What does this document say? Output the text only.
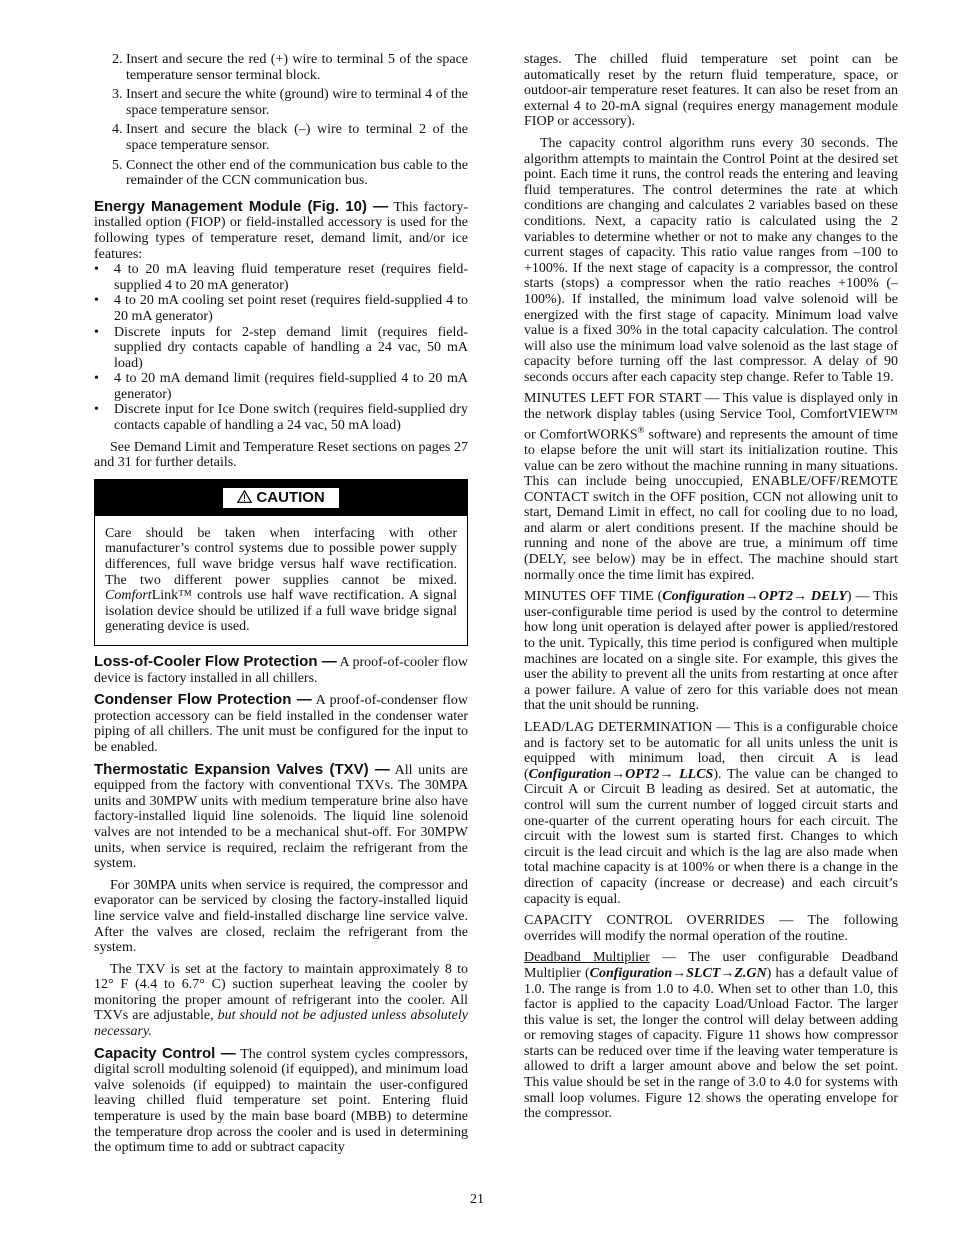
2. Insert and secure the red (+) wire to terminal 5 of the space temperature sensor terminal block.
3. Insert and secure the white (ground) wire to terminal 4 of the space temperature sensor.
4. Insert and secure the black (–) wire to terminal 2 of the space temperature sensor.
5. Connect the other end of the communication bus cable to the remainder of the CCN communication bus.

Energy Management Module (Fig. 10) — This factory-installed option (FIOP) or field-installed accessory is used for the following types of temperature reset, demand limit, and/or ice features:

• 4 to 20 mA leaving fluid temperature reset (requires field-supplied 4 to 20 mA generator)
• 4 to 20 mA cooling set point reset (requires field-supplied 4 to 20 mA generator)
• Discrete inputs for 2-step demand limit (requires field-supplied dry contacts capable of handling a 24 vac, 50 mA load)
• 4 to 20 mA demand limit (requires field-supplied 4 to 20 mA generator)
• Discrete input for Ice Done switch (requires field-supplied dry contacts capable of handling a 24 vac, 50 mA load)

See Demand Limit and Temperature Reset sections on pages 27 and 31 for further details.

CAUTION
Care should be taken when interfacing with other manufacturer’s control systems due to possible power supply differences, full wave bridge versus half wave rectification. The two different power supplies cannot be mixed. ComfortLink™ controls use half wave rectification. A signal isolation device should be utilized if a full wave bridge signal generating device is used.

Loss-of-Cooler Flow Protection — A proof-of-cooler flow device is factory installed in all chillers.

Condenser Flow Protection — A proof-of-condenser flow protection accessory can be field installed in the condenser water piping of all chillers. The unit must be configured for the input to be enabled.

Thermostatic Expansion Valves (TXV) — All units are equipped from the factory with conventional TXVs. The 30MPA units and 30MPW units with medium temperature brine also have factory-installed liquid line solenoids. The liquid line solenoid valves are not intended to be a mechanical shut-off. For 30MPW units, when service is required, reclaim the refrigerant from the system.

For 30MPA units when service is required, the compressor and evaporator can be serviced by closing the factory-installed liquid line service valve and field-installed discharge line service valve. After the valves are closed, reclaim the refrigerant from the system.

The TXV is set at the factory to maintain approximately 8 to 12° F (4.4 to 6.7° C) suction superheat leaving the cooler by monitoring the proper amount of refrigerant into the cooler. All TXVs are adjustable, but should not be adjusted unless absolutely necessary.

Capacity Control — The control system cycles compressors, digital scroll modulting solenoid (if equipped), and minimum load valve solenoids (if equipped) to maintain the user-configured leaving chilled fluid temperature set point. Entering fluid temperature is used by the main base board (MBB) to determine the temperature drop across the cooler and is used in determining the optimum time to add or subtract capacity

stages. The chilled fluid temperature set point can be automatically reset by the return fluid temperature, space, or outdoor-air temperature reset features. It can also be reset from an external 4 to 20-mA signal (requires energy management module FIOP or accessory).

The capacity control algorithm runs every 30 seconds. The algorithm attempts to maintain the Control Point at the desired set point. Each time it runs, the control reads the entering and leaving fluid temperatures. The control determines the rate at which conditions are changing and calculates 2 variables based on these conditions. Next, a capacity ratio is calculated using the 2 variables to determine whether or not to make any changes to the current stages of capacity. This ratio value ranges from –100 to +100%. If the next stage of capacity is a compressor, the control starts (stops) a compressor when the ratio reaches +100% (–100%). If installed, the minimum load valve solenoid will be energized with the first stage of capacity. Minimum load valve value is a fixed 30% in the total capacity calculation. The control will also use the minimum load valve solenoid as the last stage of capacity before turning off the last compressor. A delay of 90 seconds occurs after each capacity step change. Refer to Table 19.

MINUTES LEFT FOR START — This value is displayed only in the network display tables (using Service Tool, ComfortVIEW™ or ComfortWORKS® software) and represents the amount of time to elapse before the unit will start its initialization routine. This value can be zero without the machine running in many situations. This can include being unoccupied, ENABLE/OFF/REMOTE CONTACT switch in the OFF position, CCN not allowing unit to start, Demand Limit in effect, no call for cooling due to no load, and alarm or alert conditions present. If the machine should be running and none of the above are true, a minimum off time (DELY, see below) may be in effect. The machine should start normally once the time limit has expired.

MINUTES OFF TIME (Configuration→OPT2→ DELY) — This user-configurable time period is used by the control to determine how long unit operation is delayed after power is applied/restored to the unit. Typically, this time period is configured when multiple machines are located on a single site. For example, this gives the user the ability to prevent all the units from restarting at once after a power failure. A value of zero for this variable does not mean that the unit should be running.

LEAD/LAG DETERMINATION — This is a configurable choice and is factory set to be automatic for all units unless the unit is equipped with minimum load, then circuit A is lead (Configuration→OPT2→ LLCS). The value can be changed to Circuit A or Circuit B leading as desired. Set at automatic, the control will sum the current number of logged circuit starts and one-quarter of the current operating hours for each circuit. The circuit with the lowest sum is started first. Changes to which circuit is the lead circuit and which is the lag are also made when total machine capacity is at 100% or when there is a change in the direction of capacity (increase or decrease) and each circuit’s capacity is equal.

CAPACITY CONTROL OVERRIDES — The following overrides will modify the normal operation of the routine.

Deadband Multiplier — The user configurable Deadband Multiplier (Configuration→SLCT→Z.GN) has a default value of 1.0. The range is from 1.0 to 4.0. When set to other than 1.0, this factor is applied to the capacity Load/Unload Factor. The larger this value is set, the longer the control will delay between adding or removing stages of capacity. Figure 11 shows how compressor starts can be reduced over time if the leaving water temperature is allowed to drift a larger amount above and below the set point. This value should be set in the range of 3.0 to 4.0 for systems with small loop volumes. Figure 12 shows the operating envelope for the compressor.

21
